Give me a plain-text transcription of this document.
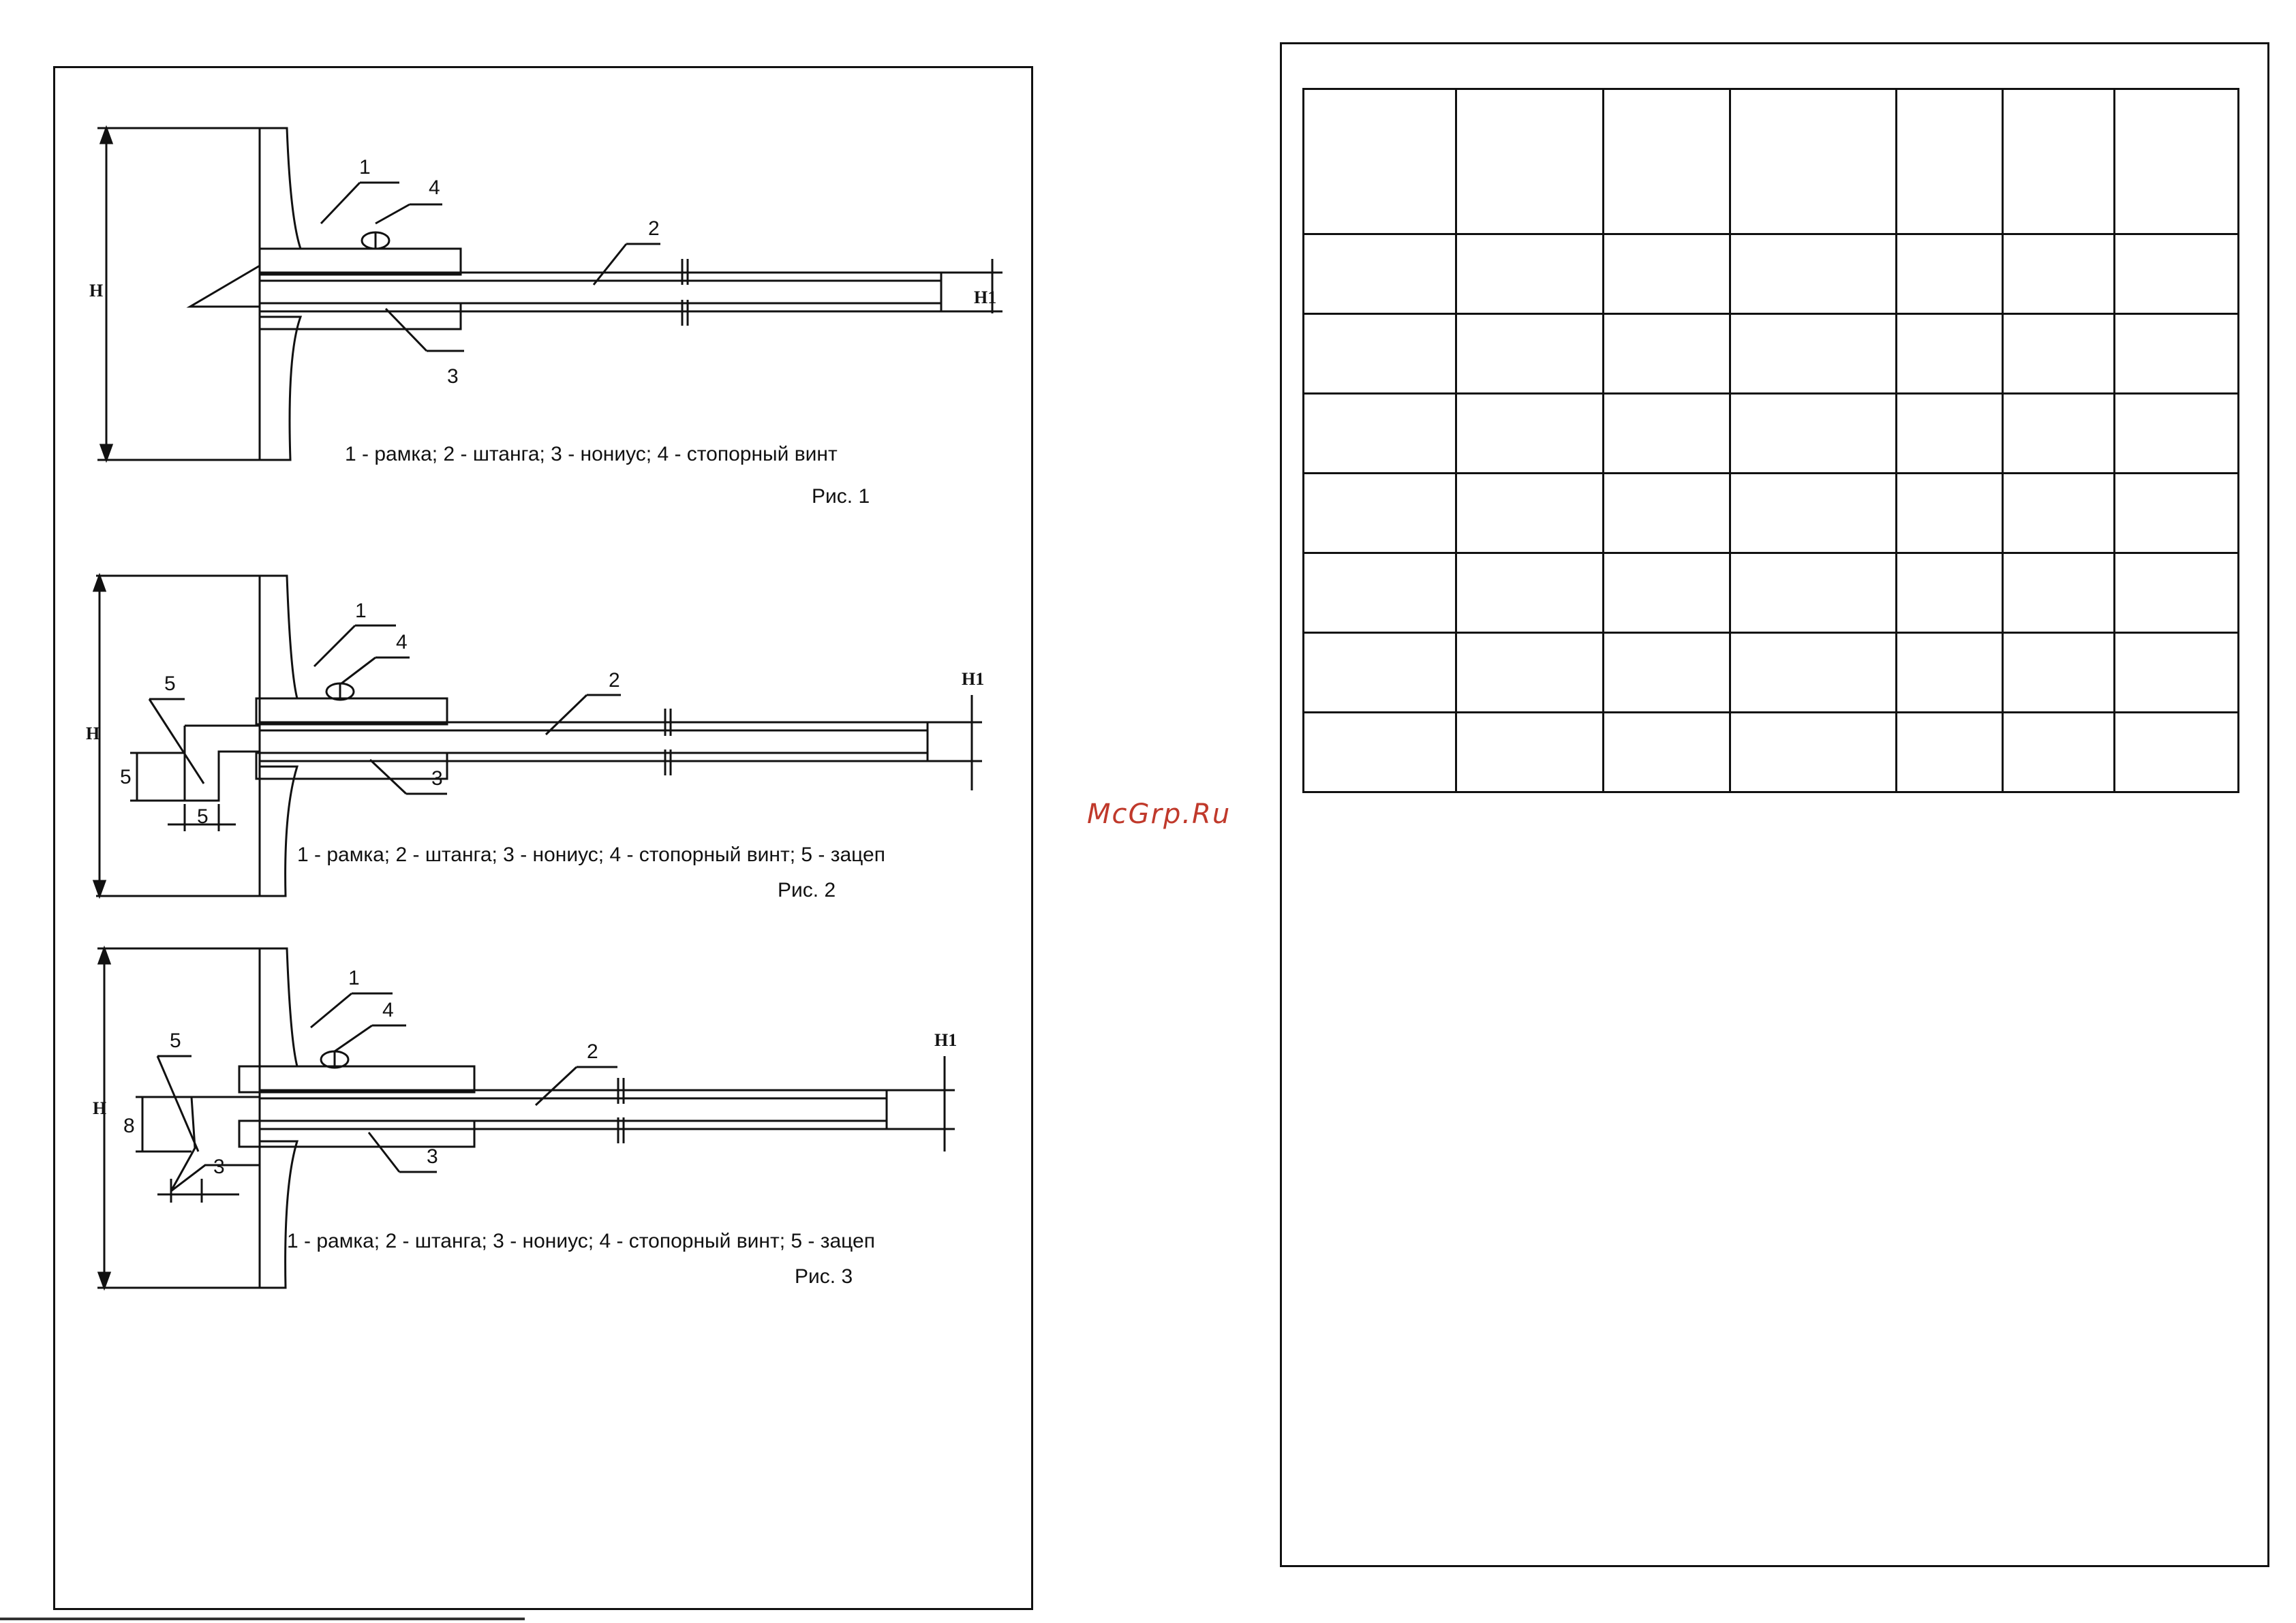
H	H1
1
2
3
4
1 - рамка; 2 - штанга; 3 - нониус; 4 - стопорный винт
Рис. 1
H
H1
5
5
1
2
3
4
5
1 - рамка; 2 - штанга; 3 - нониус; 4 - стопорный винт; 5 - зацеп
Рис. 2
H
H1
8
3
1
2
3
4
5
1 - рамка; 2 - штанга; 3 - нониус; 4 - стопорный винт; 5 - зацеп
Рис. 3
McGrp.Ru
